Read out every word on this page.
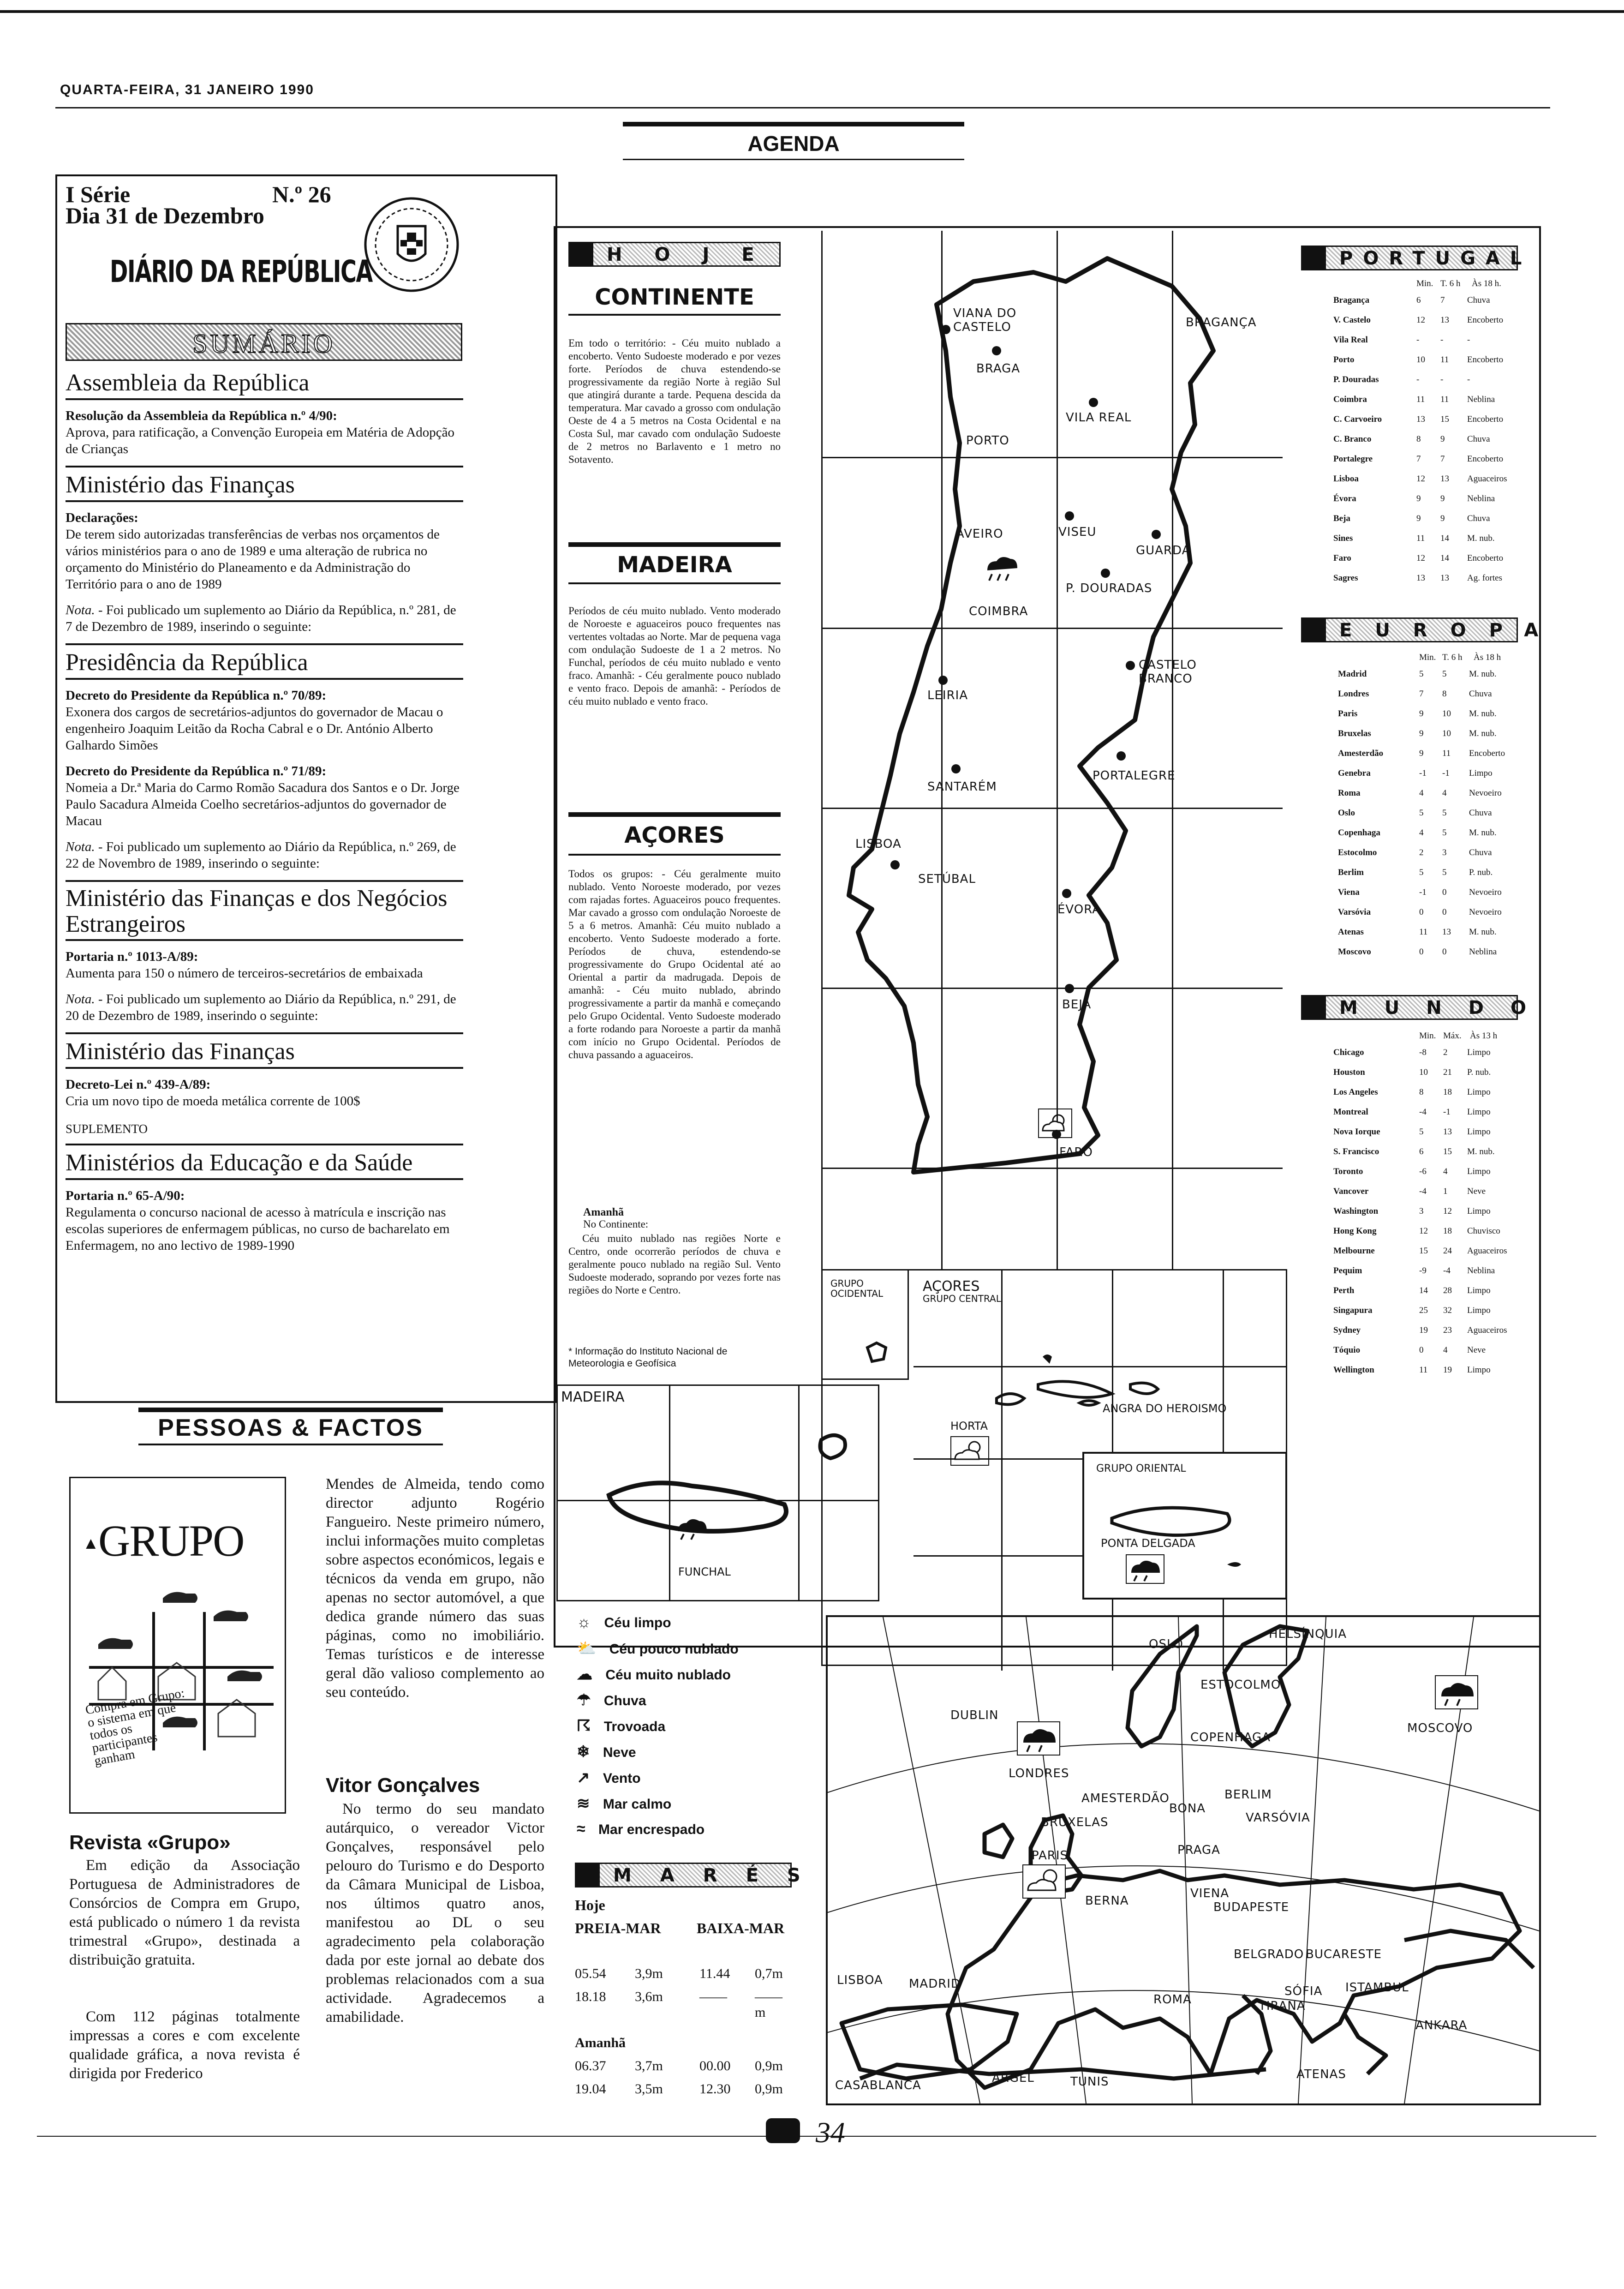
QUARTA-FEIRA, 31 JANEIRO 1990
AGENDA
I Série	N.º 26
Dia 31 de Dezembro
DIÁRIO DA REPÚBLICA
SUMÁRIO
Assembleia da República
Resolução da Assembleia da República n.º 4/90:
Aprova, para ratificação, a Convenção Europeia em Matéria de Adopção de Crianças
Ministério das Finanças
Declarações:
De terem sido autorizadas transferências de verbas nos orçamentos de vários ministérios para o ano de 1989 e uma alteração de rubrica no orçamento do Ministério do Planeamento e da Administração do Território para o ano de 1989
Nota. - Foi publicado um suplemento ao Diário da República, n.º 281, de 7 de Dezembro de 1989, inserindo o seguinte:
Presidência da República
Decreto do Presidente da República n.º 70/89:
Exonera dos cargos de secretários-adjuntos do governador de Macau o engenheiro Joaquim Leitão da Rocha Cabral e o Dr. António Alberto Galhardo Simões
Decreto do Presidente da República n.º 71/89:
Nomeia a Dr.ª Maria do Carmo Romão Sacadura dos Santos e o Dr. Jorge Paulo Sacadura Almeida Coelho secretários-adjuntos do governador de Macau
Nota. - Foi publicado um suplemento ao Diário da República, n.º 269, de 22 de Novembro de 1989, inserindo o seguinte:
Ministério das Finanças e dos Negócios Estrangeiros
Portaria n.º 1013-A/89:
Aumenta para 150 o número de terceiros-secretários de embaixada
Nota. - Foi publicado um suplemento ao Diário da República, n.º 291, de 20 de Dezembro de 1989, inserindo o seguinte:
Ministério das Finanças
Decreto-Lei n.º 439-A/89:
Cria um novo tipo de moeda metálica corrente de 100$
SUPLEMENTO
Ministérios da Educação e da Saúde
Portaria n.º 65-A/90:
Regulamenta o concurso nacional de acesso à matrícula e inscrição nas escolas superiores de enfermagem públicas, no curso de bacharelato em Enfermagem, no ano lectivo de 1989-1990
PESSOAS & FACTOS
GRUPO
▲
Compra em Grupo: o sistema em que todos os participantes ganham
Revista «Grupo»
Em edição da Associação Portuguesa de Administradores de Consórcios de Compra em Grupo, está publicado o número 1 da revista trimestral «Grupo», destinada a distribuição gratuita.
Com 112 páginas totalmente impressas a cores e com excelente qualidade gráfica, a nova revista é dirigida por Frederico
Mendes de Almeida, tendo como director adjunto Rogério Fangueiro. Neste primeiro número, inclui informações muito completas sobre aspectos económicos, legais e técnicos da venda em grupo, não apenas no sector automóvel, a que dedica grande número das suas páginas, como no imobiliário. Temas turísticos e de interesse geral dão valioso complemento ao seu conteúdo.
Vitor Gonçalves
No termo do seu mandato autárquico, o vereador Victor Gonçalves, responsável pelo pelouro do Turismo e do Desporto da Câmara Municipal de Lisboa, nos últimos quatro anos, manifestou ao DL o seu agradecimento pela colaboração dada por este jornal ao debate dos problemas relacionados com a sua actividade. Agradecemos a amabilidade.
HOJE
CONTINENTE
Em todo o território: - Céu muito nublado a encoberto. Vento Sudoeste moderado e por vezes forte. Períodos de chuva estendendo-se progressivamente da região Norte à região Sul que atingirá durante a tarde. Pequena descida da temperatura. Mar cavado a grosso com ondulação Oeste de 4 a 5 metros na Costa Ocidental e na Costa Sul, mar cavado com ondulação Sudoeste de 2 metros no Barlavento e 1 metro no Sotavento.
MADEIRA
Períodos de céu muito nublado. Vento moderado de Noroeste e aguaceiros pouco frequentes nas vertentes voltadas ao Norte. Mar de pequena vaga com ondulação Sudoeste de 1 a 2 metros. No Funchal, períodos de céu muito nublado e vento fraco. Amanhã: - Céu geralmente pouco nublado e vento fraco. Depois de amanhã: - Períodos de céu muito nublado e vento fraco.
AÇORES
Todos os grupos: - Céu geralmente muito nublado. Vento Noroeste moderado, por vezes com rajadas fortes. Aguaceiros pouco frequentes. Mar cavado a grosso com ondulação Noroeste de 5 a 6 metros. Amanhã: Céu muito nublado a encoberto. Vento Sudoeste moderado a forte. Períodos de chuva, estendendo-se progressivamente do Grupo Ocidental até ao Oriental a partir da madrugada. Depois de amanhã: - Céu muito nublado, abrindo progressivamente a partir da manhã e começando pelo Grupo Ocidental. Vento Sudoeste moderado a forte rodando para Noroeste a partir da manhã com início no Grupo Ocidental. Períodos de chuva passando a aguaceiros.
Amanhã
No Continente:
Céu muito nublado nas regiões Norte e Centro, onde ocorrerão períodos de chuva e geralmente pouco nublado na região Sul. Vento Sudoeste moderado, soprando por vezes forte nas regiões do Norte e Centro.
* Informação do Instituto Nacional de Meteorologia e Geofísica
VIANA DO CASTELO
BRAGA
BRAGANÇA
PORTO
VILA REAL
AVEIRO	VISEU
GUARDA
P. DOURADAS
COIMBRA
CASTELO BRANCO
LEIRIA
PORTALEGRE
SANTARÉM
LISBOA
SETÚBAL
ÉVORA
BEJA
FARO
GRUPO OCIDENTAL	AÇORES
GRUPO CENTRAL
HORTA
ANGRA DO HEROISMO
GRUPO ORIENTAL
PONTA DELGADA
MADEIRA
FUNCHAL
☼ Céu limpo
⛅ Céu pouco nublado
☁ Céu muito nublado
☂ Chuva
☈ Trovoada
❄ Neve
↗ Vento
≋ Mar calmo
≈ Mar encrespado
MARÉS
Hoje
PREIA-MAR BAIXA-MAR
05.54 3,9m	11.44 0,7m
18.18 3,6m	—— ——m
Amanhã
06.37 3,7m	00.00 0,9m
19.04 3,5m	12.30 0,9m
HELSÍNQUIA
OSLO
ESTOCOLMO
DUBLIN
MOSCOVO
COPENHAGA
LONDRES
AMESTERDÃO
BONA
BERLIM
VARSÓVIA
BRUXELAS
PARIS	PRAGA
BERNA
VIENA
BUDAPESTE
BELGRADO BUCARESTE
SÓFIA ISTAMBUL
LISBOA MADRID
ROMA	TIRANA
ANKARA
ATENAS
ARGEL	TUNIS
CASABLANCA
PORTUGAL
Min. T. 6 h Às 18 h.
Bragança	6 7	Chuva
V. Castelo	12 13 Encoberto
Vila Real	- -	-
Porto	10 11 Encoberto
P. Douradas	- -	-
Coimbra	11 11 Neblina
C. Carvoeiro	13 15 Encoberto
C. Branco	8 9	Chuva
Portalegre	7 7	Encoberto
Lisboa	12 13 Aguaceiros
Évora	9 9	Neblina
Beja	9 9	Chuva
Sines	11 14 M. nub.
Faro	12 14 Encoberto
Sagres	13 13 Ag. fortes
EUROPA
Min. T. 6 h Às 18 h
Madrid	5 5	M. nub.
Londres	7 8	Chuva
Paris	9 10 M. nub.
Bruxelas	9 10 M. nub.
Amesterdão	9 11 Encoberto
Genebra	-1 -1 Limpo
Roma	4 4	Nevoeiro
Oslo	5 5	Chuva
Copenhaga	4 5	M. nub.
Estocolmo	2 3	Chuva
Berlim	5 5	P. nub.
Viena	-1 0	Nevoeiro
Varsóvia	0 0	Nevoeiro
Atenas	11 13 M. nub.
Moscovo	0 0	Neblina
MUNDO
Min. Máx. Às 13 h
Chicago	-8 2 Limpo
Houston	10 21 P. nub.
Los Angeles	8 18 Limpo
Montreal	-4 -1 Limpo
Nova Iorque	5 13 Limpo
S. Francisco	6 15 M. nub.
Toronto	-6 4 Limpo
Vancover	-4 1 Neve
Washington	3 12 Limpo
Hong Kong	12 18 Chuvisco
Melbourne	15 24 Aguaceiros
Pequim	-9 -4 Neblina
Perth	14 28 Limpo
Singapura	25 32 Limpo
Sydney	19 23 Aguaceiros
Tóquio	0 4 Neve
Wellington	11 19 Limpo
34
